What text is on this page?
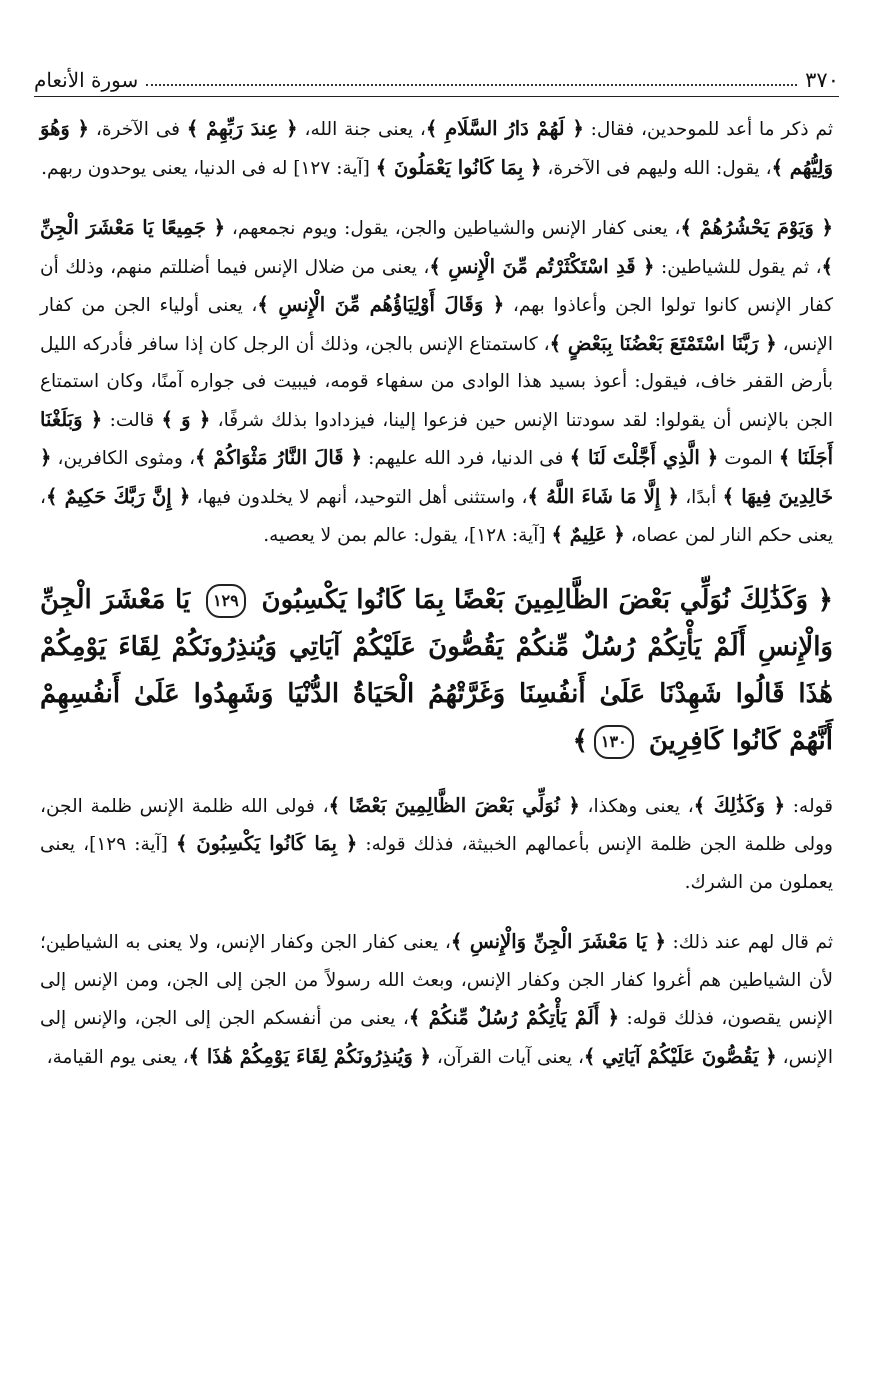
٣٧٠
سورة الأنعام

ثم ذكر ما أعد للموحدين، فقال: ﴿ لَهُمْ دَارُ السَّلَامِ ﴾، يعنى جنة الله، ﴿ عِندَ رَبِّهِمْ ﴾ فى الآخرة، ﴿ وَهُوَ وَلِيُّهُم ﴾، يقول: الله وليهم فى الآخرة، ﴿ بِمَا كَانُوا يَعْمَلُونَ ﴾ [آية: ١٢٧] له فى الدنيا، يعنى يوحدون ربهم.

﴿ وَيَوْمَ يَحْشُرُهُمْ ﴾، يعنى كفار الإنس والشياطين والجن، يقول: ويوم نجمعهم، ﴿ جَمِيعًا يَا مَعْشَرَ الْجِنِّ ﴾، ثم يقول للشياطين: ﴿ قَدِ اسْتَكْثَرْتُم مِّنَ الْإِنسِ ﴾، يعنى من ضلال الإنس فيما أضللتم منهم، وذلك أن كفار الإنس كانوا تولوا الجن وأعاذوا بهم، ﴿ وَقَالَ أَوْلِيَاؤُهُم مِّنَ الْإِنسِ ﴾، يعنى أولياء الجن من كفار الإنس، ﴿ رَبَّنَا اسْتَمْتَعَ بَعْضُنَا بِبَعْضٍ ﴾، كاستمتاع الإنس بالجن، وذلك أن الرجل كان إذا سافر فأدركه الليل بأرض القفر خاف، فيقول: أعوذ بسيد هذا الوادى من سفهاء قومه، فيبيت فى جواره آمنًا، وكان استمتاع الجن بالإنس أن يقولوا: لقد سودتنا الإنس حين فزعوا إلينا، فيزدادوا بذلك شرفًا، ﴿ وَ ﴾ قالت: ﴿ وَبَلَغْنَا أَجَلَنَا ﴾ الموت ﴿ الَّذِي أَجَّلْتَ لَنَا ﴾ فى الدنيا، فرد الله عليهم: ﴿ قَالَ النَّارُ مَثْوَاكُمْ ﴾، ومثوى الكافرين، ﴿ خَالِدِينَ فِيهَا ﴾ أبدًا، ﴿ إِلَّا مَا شَاءَ اللَّهُ ﴾، واستثنى أهل التوحيد، أنهم لا يخلدون فيها، ﴿ إِنَّ رَبَّكَ حَكِيمٌ ﴾، يعنى حكم النار لمن عصاه، ﴿ عَلِيمٌ ﴾ [آية: ١٢٨]، يقول: عالم بمن لا يعصيه.

﴿ وَكَذَٰلِكَ نُوَلِّي بَعْضَ الظَّالِمِينَ بَعْضًا بِمَا كَانُوا يَكْسِبُونَ ١٢٩ يَا مَعْشَرَ الْجِنِّ وَالْإِنسِ أَلَمْ يَأْتِكُمْ رُسُلٌ مِّنكُمْ يَقُصُّونَ عَلَيْكُمْ آيَاتِي وَيُنذِرُونَكُمْ لِقَاءَ يَوْمِكُمْ هَٰذَا قَالُوا شَهِدْنَا عَلَىٰ أَنفُسِنَا وَغَرَّتْهُمُ الْحَيَاةُ الدُّنْيَا وَشَهِدُوا عَلَىٰ أَنفُسِهِمْ أَنَّهُمْ كَانُوا كَافِرِينَ ١٣٠﴾

قوله: ﴿ وَكَذَٰلِكَ ﴾، يعنى وهكذا، ﴿ نُوَلِّي بَعْضَ الظَّالِمِينَ بَعْضًا ﴾، فولى الله ظلمة الإنس ظلمة الجن، وولى ظلمة الجن ظلمة الإنس بأعمالهم الخبيثة، فذلك قوله: ﴿ بِمَا كَانُوا يَكْسِبُونَ ﴾ [آية: ١٢٩]، يعنى يعملون من الشرك.

ثم قال لهم عند ذلك: ﴿ يَا مَعْشَرَ الْجِنِّ وَالْإِنسِ ﴾، يعنى كفار الجن وكفار الإنس، ولا يعنى به الشياطين؛ لأن الشياطين هم أغروا كفار الجن وكفار الإنس، وبعث الله رسولاً من الجن إلى الجن، ومن الإنس إلى الإنس يقصون، فذلك قوله: ﴿ أَلَمْ يَأْتِكُمْ رُسُلٌ مِّنكُمْ ﴾، يعنى من أنفسكم الجن إلى الجن، والإنس إلى الإنس، ﴿ يَقُصُّونَ عَلَيْكُمْ آيَاتِي ﴾، يعنى آيات القرآن، ﴿ وَيُنذِرُونَكُمْ لِقَاءَ يَوْمِكُمْ هَٰذَا ﴾، يعنى يوم القيامة،
